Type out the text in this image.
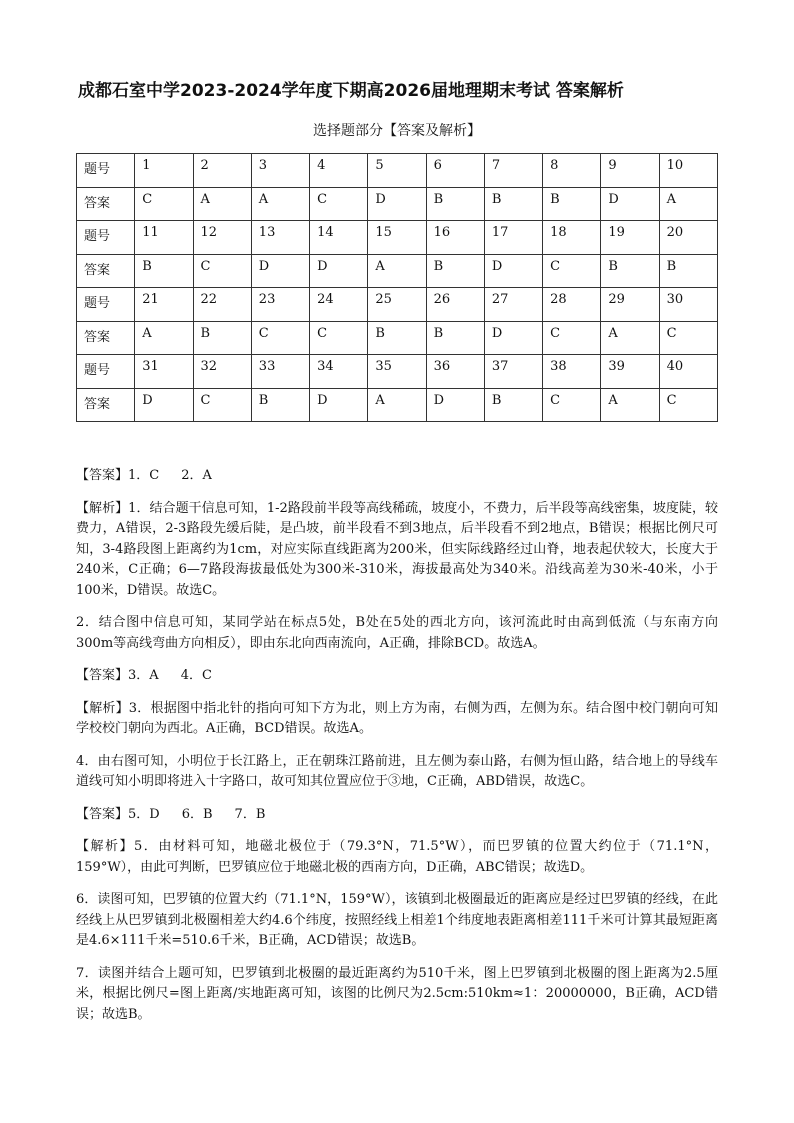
成都石室中学2023-2024学年度下期高2026届地理期末考试 答案解析
选择题部分【答案及解析】
题号	1	2	3	4	5	6	7	8	9	10
答案	C	A	A	C	D	B	B	B	D	A
题号	11	12	13	14	15	16	17	18	19	20
答案	B	C	D	D	A	B	D	C	B	B
题号	21	22	23	24	25	26	27	28	29	30
答案	A	B	C	C	B	B	D	C	A	C
题号	31	32	33	34	35	36	37	38	39	40
答案	D	C	B	D	A	D	B	C	A	C

【答案】1．C 2．A

【解析】1．结合题干信息可知，1-2路段前半段等高线稀疏，坡度小，不费力，后半段等高线密集，坡度陡，较费力，A错误，2-3路段先缓后陡，是凸坡，前半段看不到3地点，后半段看不到2地点，B错误；根据比例尺可知，3-4路段图上距离约为1cm，对应实际直线距离为200米，但实际线路经过山脊，地表起伏较大，长度大于240米，C正确；6—7路段海拔最低处为300米-310米，海拔最高处为340米。沿线高差为30米-40米，小于100米，D错误。故选C。

2．结合图中信息可知，某同学站在标点5处，B处在5处的西北方向，该河流此时由高到低流（与东南方向300m等高线弯曲方向相反），即由东北向西南流向，A正确，排除BCD。故选A。

【答案】3．A 4．C

【解析】3．根据图中指北针的指向可知下方为北，则上方为南，右侧为西，左侧为东。结合图中校门朝向可知学校校门朝向为西北。A正确，BCD错误。故选A。

4．由右图可知，小明位于长江路上，正在朝珠江路前进，且左侧为泰山路，右侧为恒山路，结合地上的导线车道线可知小明即将进入十字路口，故可知其位置应位于③地，C正确，ABD错误，故选C。

【答案】5．D 6．B 7．B

【解析】5．由材料可知，地磁北极位于（79.3°N，71.5°W），而巴罗镇的位置大约位于（71.1°N，159°W），由此可判断，巴罗镇应位于地磁北极的西南方向，D正确，ABC错误；故选D。

6．读图可知，巴罗镇的位置大约（71.1°N，159°W），该镇到北极圈最近的距离应是经过巴罗镇的经线，在此经线上从巴罗镇到北极圈相差大约4.6个纬度，按照经线上相差1个纬度地表距离相差111千米可计算其最短距离是4.6×111千米=510.6千米，B正确，ACD错误；故选B。

7．读图并结合上题可知，巴罗镇到北极圈的最近距离约为510千米，图上巴罗镇到北极圈的图上距离为2.5厘米，根据比例尺=图上距离/实地距离可知，该图的比例尺为2.5cm:510km≈1：20000000，B正确，ACD错误；故选B。
